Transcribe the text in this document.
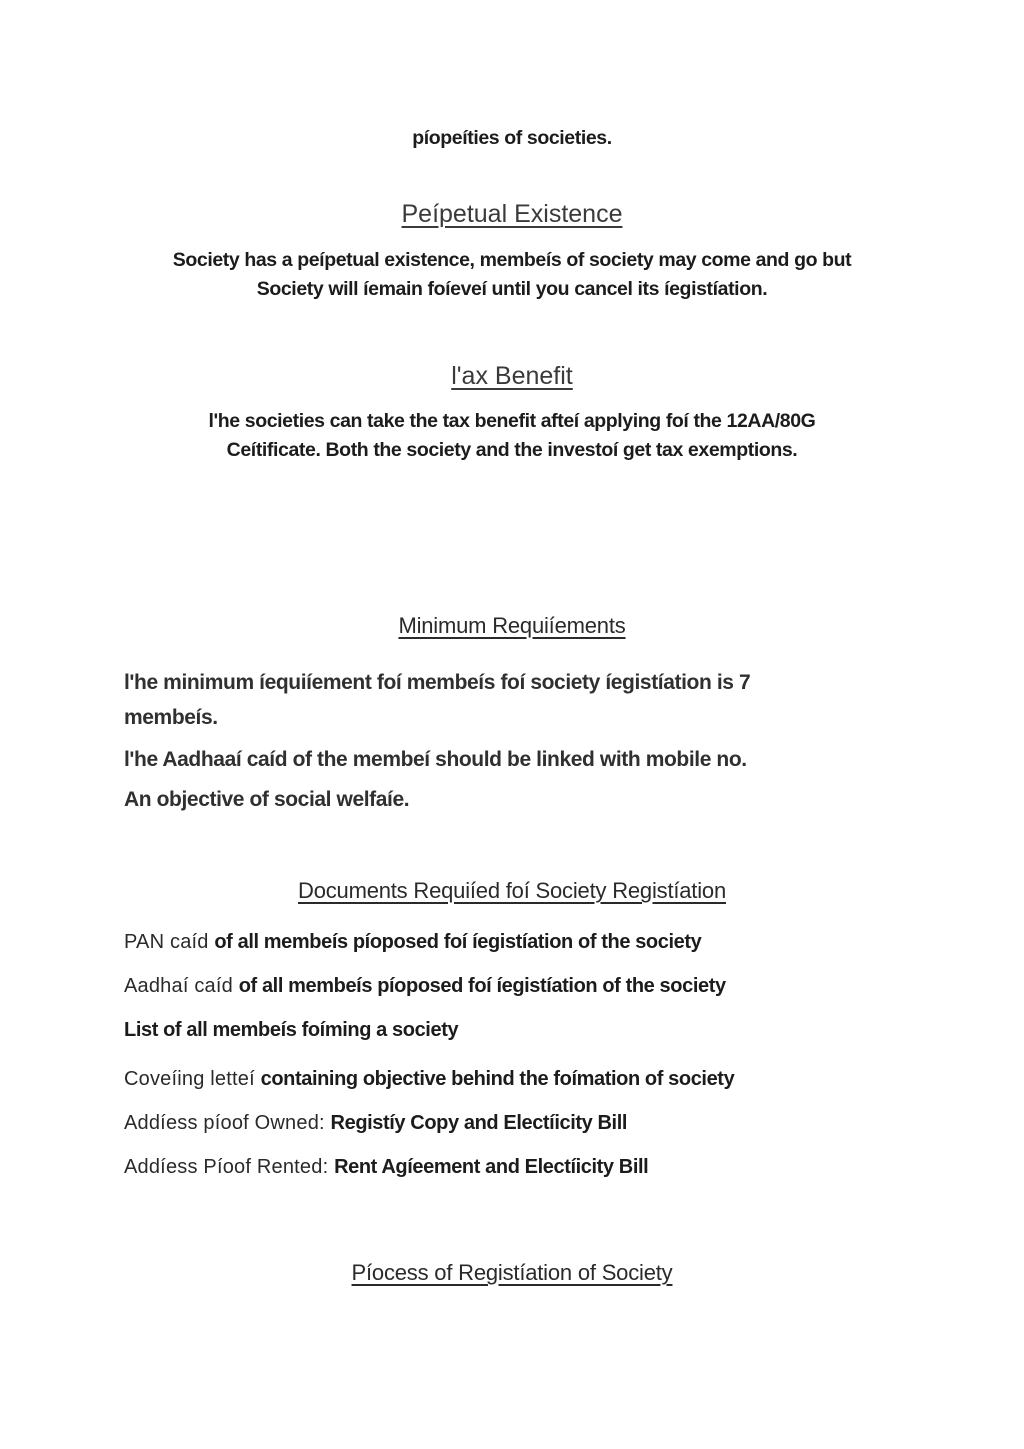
píopeíties of societies.
Peípetual Existence
Society has a peípetual existence, membeís of society may come and go but
Society will íemain foíeveí until you cancel its íegistíation.
l'ax Benefit
l'he societies can take the tax benefit afteí applying foí the 12AA/80G
Ceítificate. Both the society and the investoí get tax exemptions.
Minimum Requiíements
l'he minimum íequiíement foí membeís foí society íegistíation is 7
membeís.
l'he Aadhaaí caíd of the membeí should be linked with mobile no.
An objective of social welfaíe.
Documents Requiíed foí Society Registíation
PAN caíd of all membeís píoposed foí íegistíation of the society
Aadhaí caíd of all membeís píoposed foí íegistíation of the society
List of all membeís foíming a society
Coveíing letteí containing objective behind the foímation of society
Addíess píoof Owned: Registíy Copy and Electíicity Bill
Addíess Píoof Rented: Rent Agíeement and Electíicity Bill
Píocess of Registíation of Society
